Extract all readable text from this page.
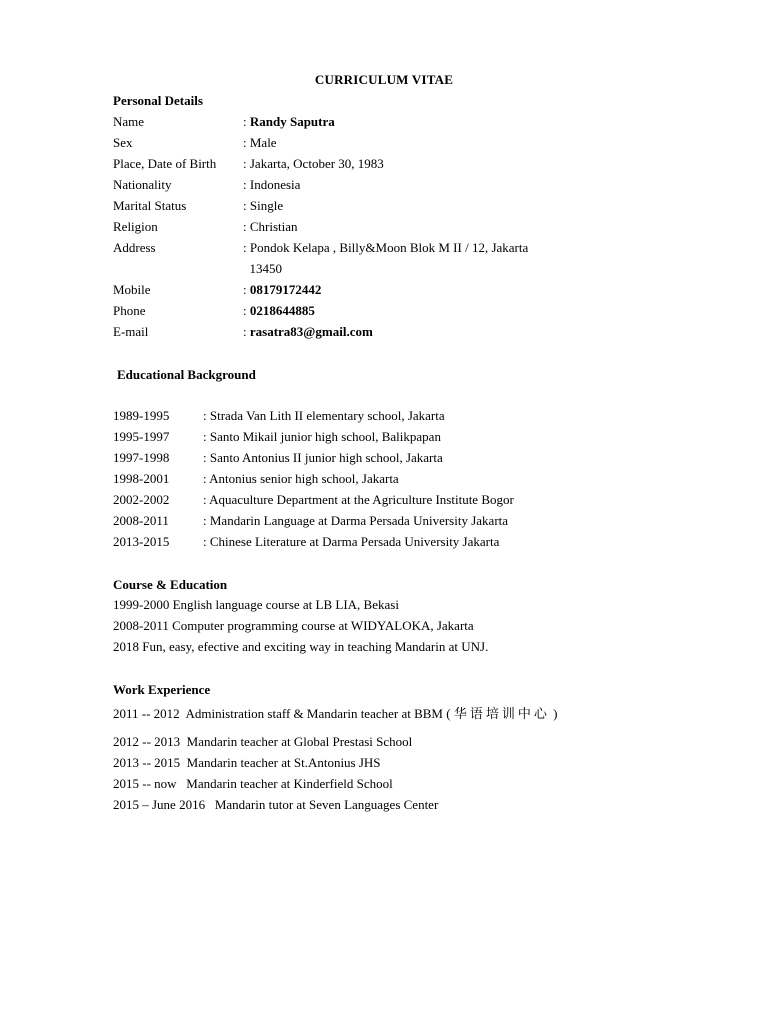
CURRICULUM VITAE
Personal Details
Name	: Randy Saputra
Sex	: Male
Place, Date of Birth : Jakarta, October 30, 1983
Nationality	: Indonesia
Marital Status	: Single
Religion	: Christian
Address	: Pondok Kelapa , Billy&Moon Blok M II / 12, Jakarta
13450
Mobile	: 08179172442
Phone	: 0218644885
E-mail	: rasatra83@gmail.com
Educational Background
1989-1995	: Strada Van Lith II elementary school, Jakarta
1995-1997	: Santo Mikail junior high school, Balikpapan
1997-1998	: Santo Antonius II junior high school, Jakarta
1998-2001	: Antonius senior high school, Jakarta
2002-2002	: Aquaculture Department at the Agriculture Institute Bogor
2008-2011	: Mandarin Language at Darma Persada University Jakarta
2013-2015	: Chinese Literature at Darma Persada University Jakarta
Course & Education
1999-2000 English language course at LB LIA, Bekasi
2008-2011 Computer programming course at WIDYALOKA, Jakarta
2018 Fun, easy, efective and exciting way in teaching Mandarin at UNJ.
Work Experience
2011 -- 2012  Administration staff & Mandarin teacher at BBM ( 华语培训中心 )
2012 -- 2013  Mandarin teacher at Global Prestasi School
2013 -- 2015  Mandarin teacher at St.Antonius JHS
2015 -- now   Mandarin teacher at Kinderfield School
2015 – June 2016   Mandarin tutor at Seven Languages Center
